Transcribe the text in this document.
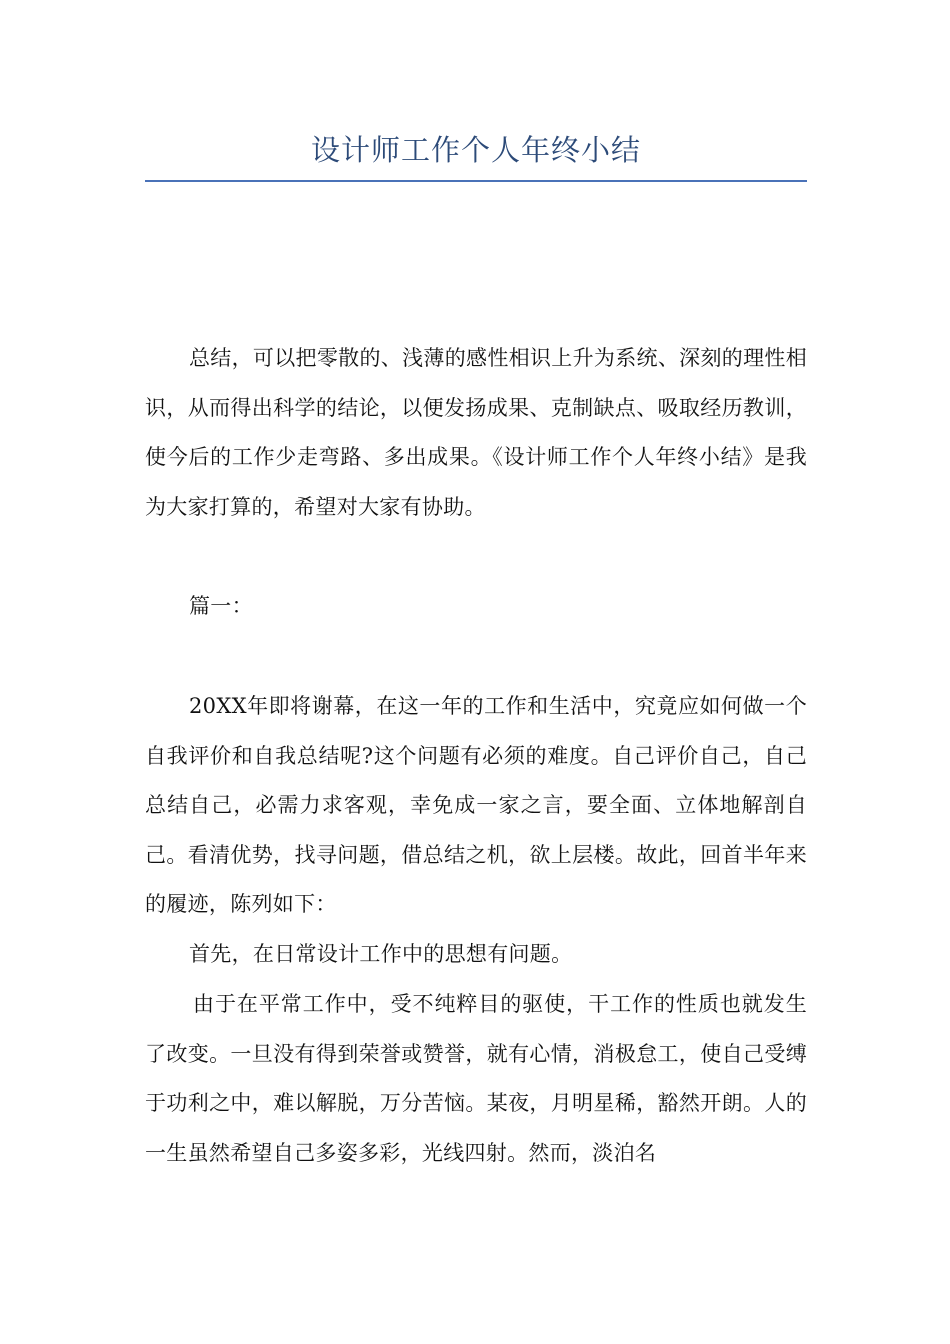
设计师工作个人年终小结

总结，可以把零散的、浅薄的感性相识上升为系统、深刻的理性相识，从而得出科学的结论，以便发扬成果、克制缺点、吸取经历教训，使今后的工作少走弯路、多出成果。《设计师工作个人年终小结》是我为大家打算的，希望对大家有协助。

篇一：

20XX年即将谢幕，在这一年的工作和生活中，究竟应如何做一个自我评价和自我总结呢?这个问题有必须的难度。自己评价自己，自己总结自己，必需力求客观，幸免成一家之言，要全面、立体地解剖自己。看清优势，找寻问题，借总结之机，欲上层楼。故此，回首半年来的履迹，陈列如下：

首先，在日常设计工作中的思想有问题。

由于在平常工作中，受不纯粹目的驱使，干工作的性质也就发生了改变。一旦没有得到荣誉或赞誉，就有心情，消极怠工，使自己受缚于功利之中，难以解脱，万分苦恼。某夜，月明星稀，豁然开朗。人的一生虽然希望自己多姿多彩，光线四射。然而，淡泊名
